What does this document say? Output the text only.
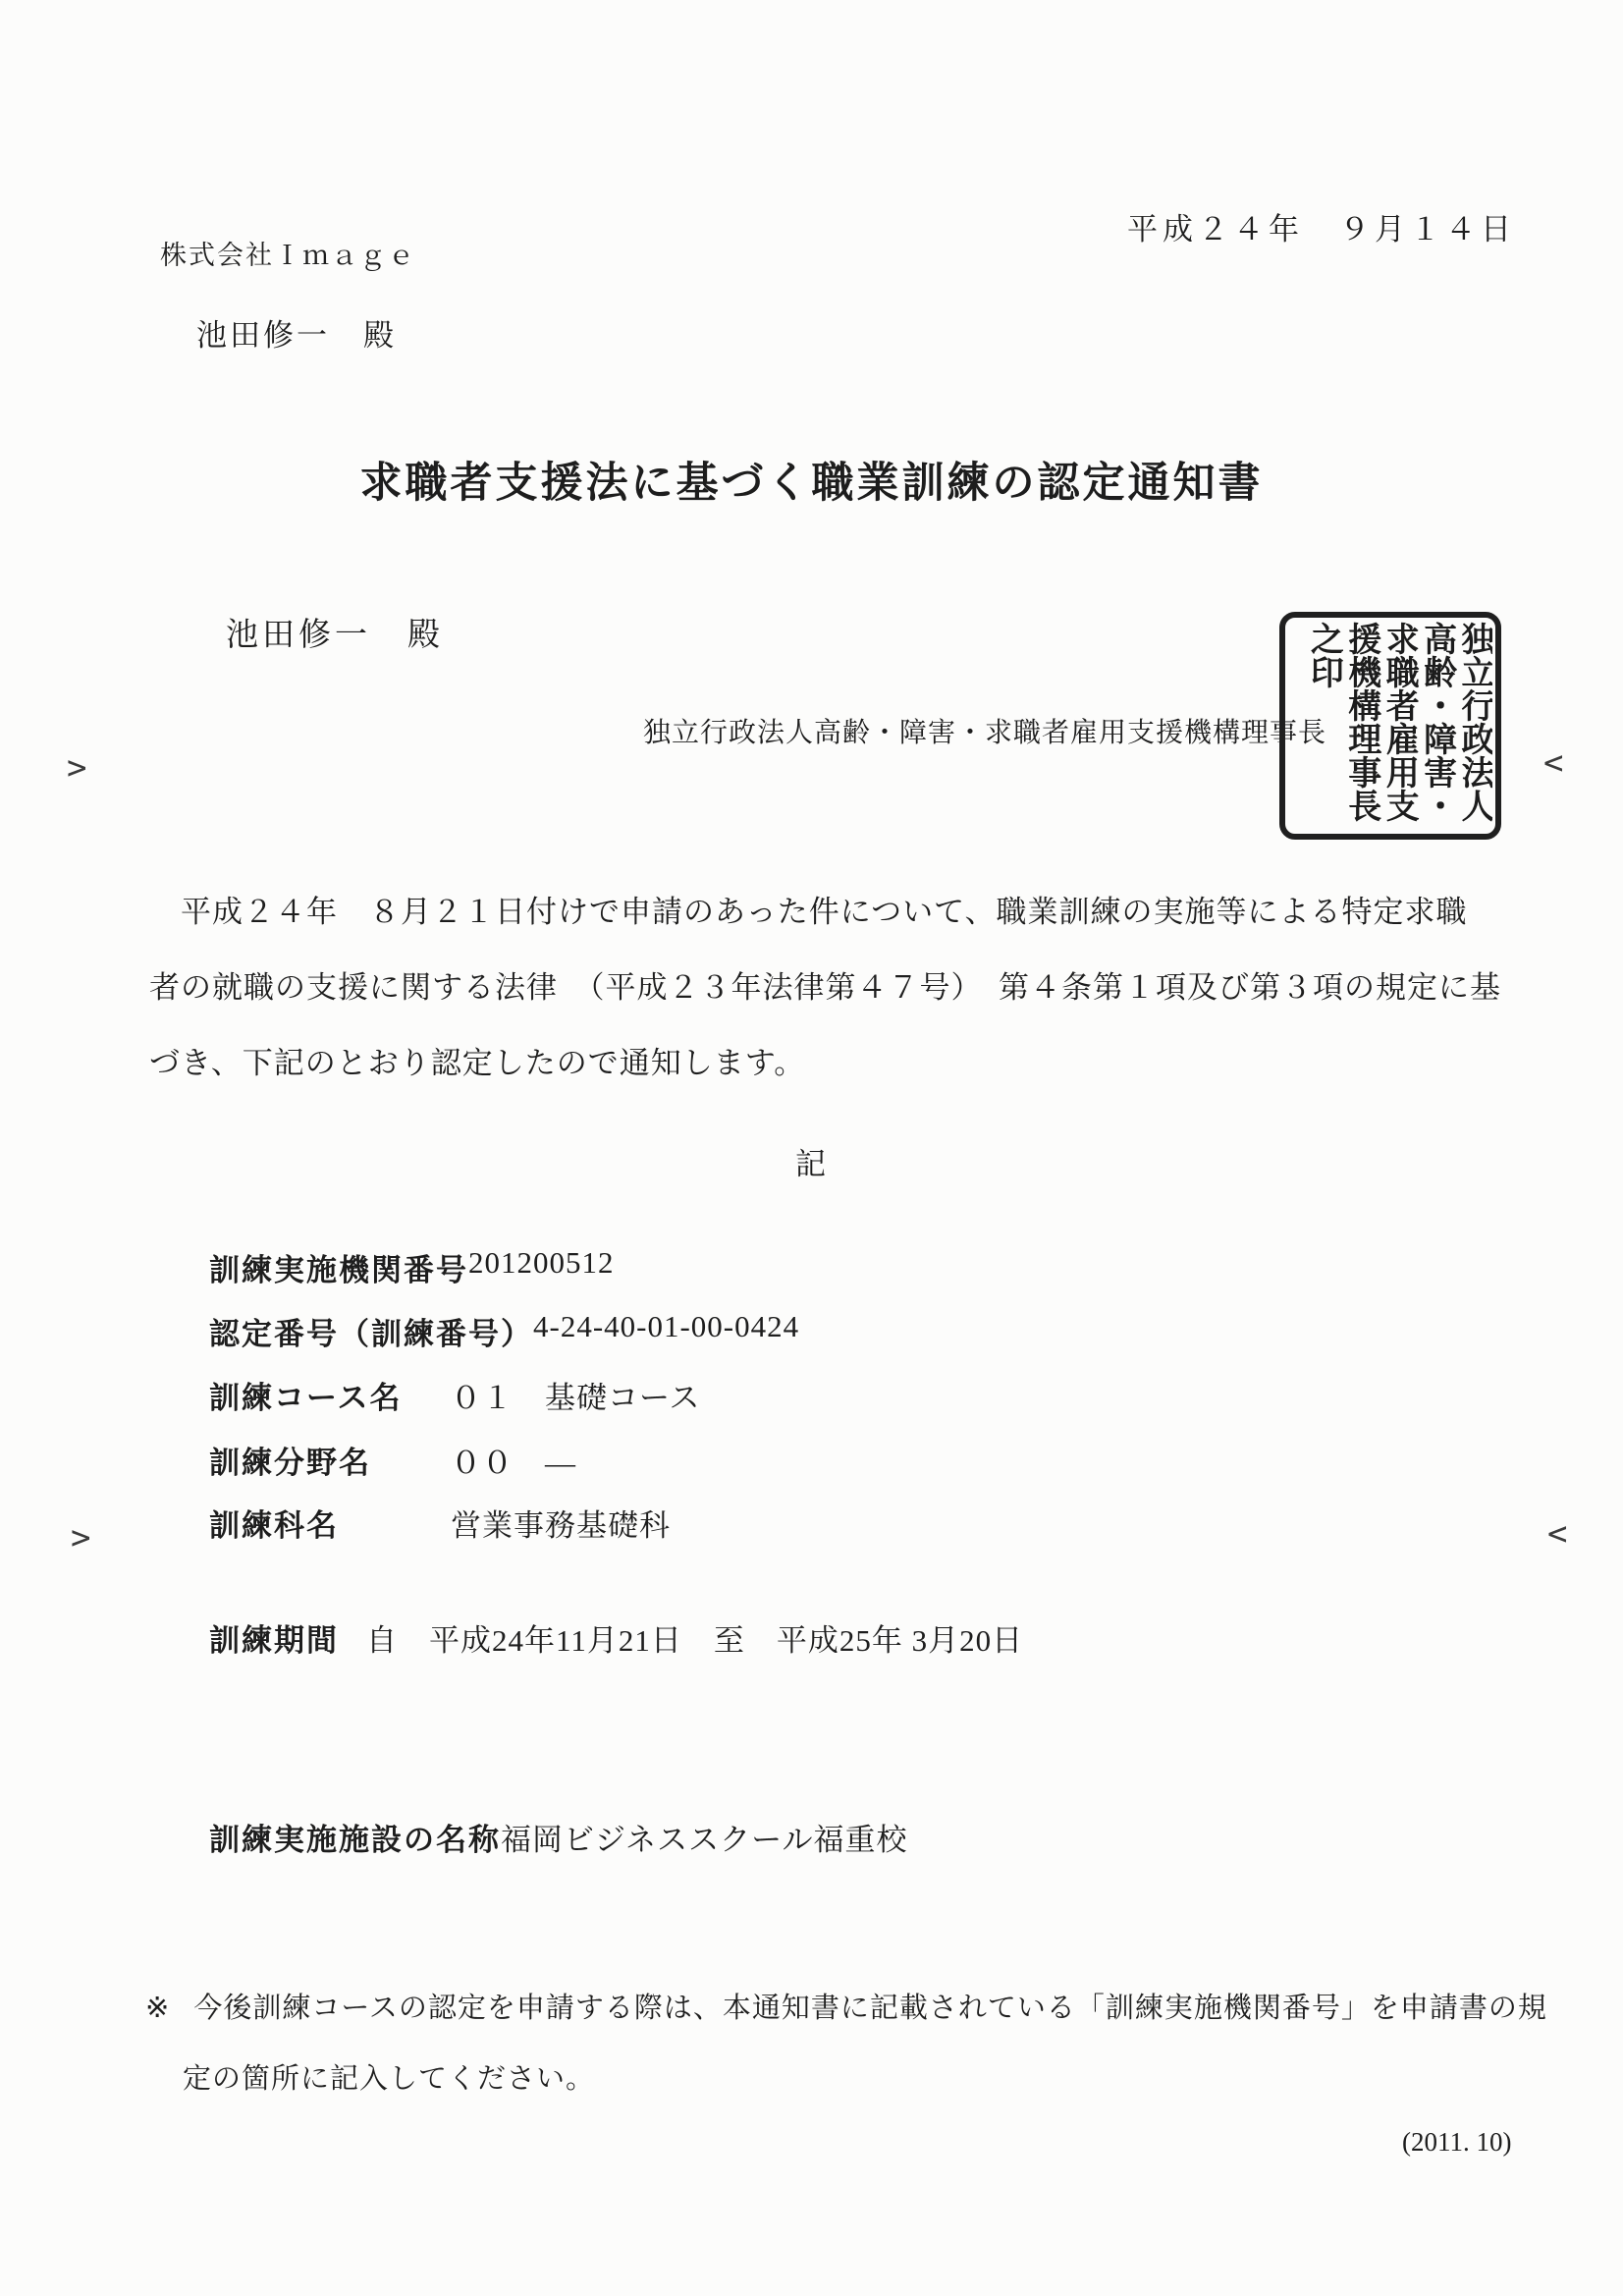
株式会社Ｉｍａｇｅ
平成２４年　９月１４日
池田修一　殿
求職者支援法に基づく職業訓練の認定通知書
池田修一　殿
独立行政法人高齢・障害・求職者雇用支援機構理事長	独立行政法人高齢・障害・求職者雇用支援機構理事長之印
　平成２４年　８月２１日付けで申請のあった件について、職業訓練の実施等による特定求職
者の就職の支援に関する法律　（平成２３年法律第４７号）　第４条第１項及び第３項の規定に基
づき、下記のとおり認定したので通知します。
記
訓練実施機関番号 201200512
認定番号（訓練番号） 4-24-40-01-00-0424
訓練コース名	０１　基礎コース
訓練分野名	００　―
訓練科名	営業事務基礎科
訓練期間 自　平成24年11月21日　至　平成25年 3月20日
訓練実施施設の名称 福岡ビジネススクール福重校
※ 今後訓練コースの認定を申請する際は、本通知書に記載されている「訓練実施機関番号」を申請書の規
定の箇所に記入してください。
(2011. 10)
>	<
>	<
